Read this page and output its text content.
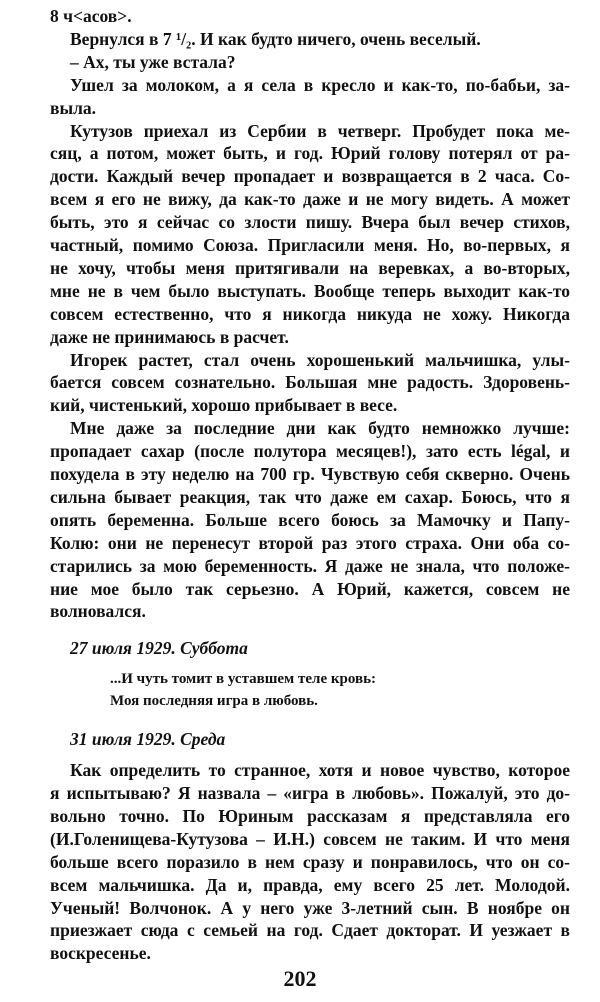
8 ч<асов>.
Вернулся в 7 ¹/₂. И как будто ничего, очень веселый.
– Ах, ты уже встала?
Ушел за молоком, а я села в кресло и как-то, по-бабьи, за-
выла.
Кутузов приехал из Сербии в четверг. Пробудет пока ме-
сяц, а потом, может быть, и год. Юрий голову потерял от ра-
дости. Каждый вечер пропадает и возвращается в 2 часа. Со-
всем я его не вижу, да как-то даже и не могу видеть. А может
быть, это я сейчас со злости пишу. Вчера был вечер стихов,
частный, помимо Союза. Пригласили меня. Но, во-первых, я
не хочу, чтобы меня притягивали на веревках, а во-вторых,
мне не в чем было выступать. Вообще теперь выходит как-то
совсем естественно, что я никогда никуда не хожу. Никогда
даже не принимаюсь в расчет.
Игорек растет, стал очень хорошенький мальчишка, улы-
бается совсем сознательно. Большая мне радость. Здоровень-
кий, чистенький, хорошо прибывает в весе.
Мне даже за последние дни как будто немножко лучше:
пропадает сахар (после полутора месяцев!), зато есть légal, и
похудела в эту неделю на 700 гр. Чувствую себя скверно. Очень
сильна бывает реакция, так что даже ем сахар. Боюсь, что я
опять беременна. Больше всего боюсь за Мамочку и Папу-
Колю: они не перенесут второй раз этого страха. Они оба со-
старились за мою беременность. Я даже не знала, что положе-
ние мое было так серьезно. А Юрий, кажется, совсем не
волновался.
27 июля 1929. Суббота
...И чуть томит в уставшем теле кровь:
Моя последняя игра в любовь.
31 июля 1929. Среда
Как определить то странное, хотя и новое чувство, которое
я испытываю? Я назвала – «игра в любовь». Пожалуй, это до-
вольно точно. По Юриным рассказам я представляла его
(И.Голенищева-Кутузова – И.Н.) совсем не таким. И что меня
больше всего поразило в нем сразу и понравилось, что он со-
всем мальчишка. Да и, правда, ему всего 25 лет. Молодой.
Ученый! Волчонок. А у него уже 3-летний сын. В ноябре он
приезжает сюда с семьей на год. Сдает докторат. И уезжает в
воскресенье.
202
